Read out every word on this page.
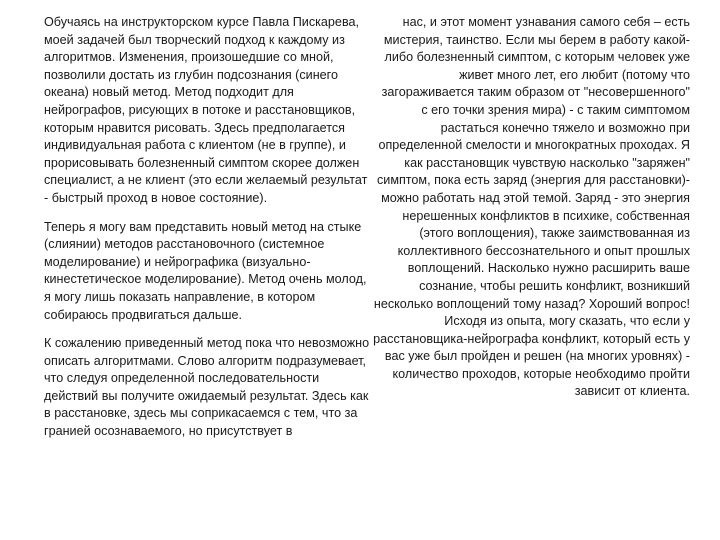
Обучаясь на инструкторском курсе Павла Пискарева, моей задачей был творческий подход к каждому из алгоритмов. Изменения, произошедшие со мной, позволили достать из глубин подсознания (синего океана) новый метод. Метод подходит для нейрографов, рисующих в потоке и расстановщиков, которым нравится рисовать. Здесь предполагается индивидуальная работа с клиентом (не в группе), и прорисовывать болезненный симптом скорее должен специалист, а не клиент (это если желаемый результат - быстрый проход в новое состояние).

Теперь я могу вам представить новый метод на стыке (слиянии) методов расстановочного (системное моделирование) и нейрографика (визуально-кинестетическое моделирование). Метод очень молод, я могу лишь показать направление, в котором собираюсь продвигаться дальше.

К сожалению приведенный метод пока что невозможно описать алгоритмами. Слово алгоритм подразумевает, что следуя определенной последовательности действий вы получите ожидаемый результат. Здесь как в расстановке, здесь мы соприкасаемся с тем, что за гранией осознаваемого, но присутствует в

нас, и этот момент узнавания самого себя – есть мистерия, таинство. Если мы берем в работу какой-либо болезненный симптом, с которым человек уже живет много лет, его любит (потому что загораживается таким образом от "несовершенного" с его точки зрения мира) - с таким симптомом растаться конечно тяжело и возможно при определенной смелости и многократных проходах. Я как расстановщик чувствую насколько "заряжен" симптом, пока есть заряд (энергия для расстановки)- можно работать над этой темой. Заряд - это энергия нерешенных конфликтов в психике, собственная (этого воплощения), также заимствованная из коллективного бессознательного и опыт прошлых воплощений. Насколько нужно расширить ваше сознание, чтобы решить конфликт, возникший несколько воплощений тому назад? Хороший вопрос! Исходя из опыта, могу сказать, что если у расстановщика-нейрографа конфликт, который есть у вас уже был пройден и решен (на многих уровнях) - количество проходов, которые необходимо пройти зависит от клиента.
